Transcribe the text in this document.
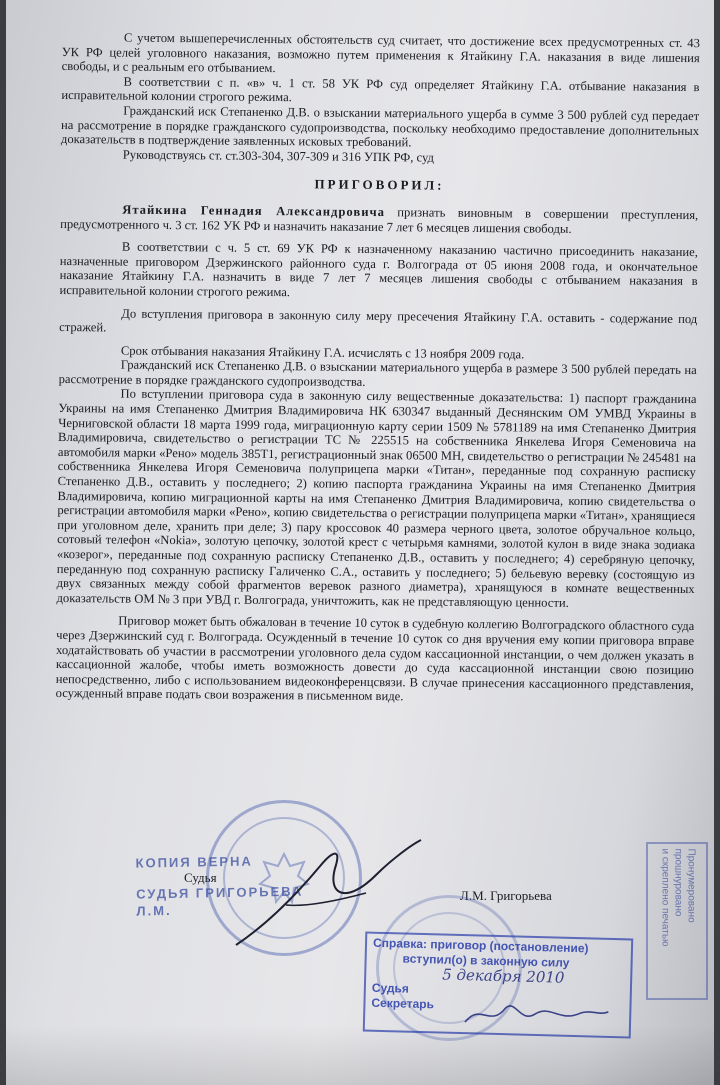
С учетом вышеперечисленных обстоятельств суд считает, что достижение всех предусмотренных ст. 43 УК РФ целей уголовного наказания, возможно путем применения к Ятайкину Г.А. наказания в виде лишения свободы, и с реальным его отбыванием.

В соответствии с п. «в» ч. 1 ст. 58 УК РФ суд определяет Ятайкину Г.А. отбывание наказания в исправительной колонии строгого режима.

Гражданский иск Степаненко Д.В. о взыскании материального ущерба в сумме 3 500 рублей суд передает на рассмотрение в порядке гражданского судопроизводства, поскольку необходимо предоставление дополнительных доказательств в подтверждение заявленных исковых требований.

Руководствуясь ст. ст.303-304, 307-309 и 316 УПК РФ, суд

ПРИГОВОРИЛ:

Ятайкина Геннадия Александровича признать виновным в совершении преступления, предусмотренного ч. 3 ст. 162 УК РФ и назначить наказание 7 лет 6 месяцев лишения свободы.

В соответствии с ч. 5 ст. 69 УК РФ к назначенному наказанию частично присоединить наказание, назначенные приговором Дзержинского районного суда г. Волгограда от 05 июня 2008 года, и окончательное наказание Ятайкину Г.А. назначить в виде 7 лет 7 месяцев лишения свободы с отбыванием наказания в исправительной колонии строгого режима.

До вступления приговора в законную силу меру пресечения Ятайкину Г.А. оставить - содержание под стражей.

Срок отбывания наказания Ятайкину Г.А. исчислять с 13 ноября 2009 года.

Гражданский иск Степаненко Д.В. о взыскании материального ущерба в размере 3 500 рублей передать на рассмотрение в порядке гражданского судопроизводства.

По вступлении приговора суда в законную силу вещественные доказательства: 1) паспорт гражданина Украины на имя Степаненко Дмитрия Владимировича НК 630347 выданный Деснянским ОМ УМВД Украины в Черниговской области 18 марта 1999 года, миграционную карту серии 1509 № 5781189 на имя Степаненко Дмитрия Владимировича, свидетельство о регистрации ТС № 225515 на собственника Янкелева Игоря Семеновича на автомобиля марки «Рено» модель 385Т1, регистрационный знак 06500 МН, свидетельство о регистрации № 245481 на собственника Янкелева Игоря Семеновича полуприцепа марки «Титан», переданные под сохранную расписку Степаненко Д.В., оставить у последнего; 2) копию паспорта гражданина Украины на имя Степаненко Дмитрия Владимировича, копию миграционной карты на имя Степаненко Дмитрия Владимировича, копию свидетельства о регистрации автомобиля марки «Рено», копию свидетельства о регистрации полуприцепа марки «Титан», хранящиеся при уголовном деле, хранить при деле; 3) пару кроссовок 40 размера черного цвета, золотое обручальное кольцо, сотовый телефон «Nokia», золотую цепочку, золотой крест с четырьмя камнями, золотой кулон в виде знака зодиака «козерог», переданные под сохранную расписку Степаненко Д.В., оставить у последнего; 4) серебряную цепочку, переданную под сохранную расписку Галиченко С.А., оставить у последнего; 5) бельевую веревку (состоящую из двух связанных между собой фрагментов веревок разного диаметра), хранящуюся в комнате вещественных доказательств ОМ № 3 при УВД г. Волгограда, уничтожить, как не представляющую ценности.

Приговор может быть обжалован в течение 10 суток в судебную коллегию Волгоградского областного суда через Дзержинский суд г. Волгограда. Осужденный в течение 10 суток со дня вручения ему копии приговора вправе ходатайствовать об участии в рассмотрении уголовного дела судом кассационной инстанции, о чем должен указать в кассационной жалобе, чтобы иметь возможность довести до суда кассационной инстанции свою позицию непосредственно, либо с использованием видеоконференцсвязи. В случае принесения кассационного представления, осужденный вправе подать свои возражения в письменном виде.

КОПИЯ ВЕРНА
СУДЬЯ ГРИГОРЬЕВА Л.М.
Судья
Л.М. Григорьева

Справка: приговор (постановление)

вступил(о) в законную силу

5 декабря 2010

Судья

Секретарь

Пронумеровано
прошнуровано
и скреплено печатью
